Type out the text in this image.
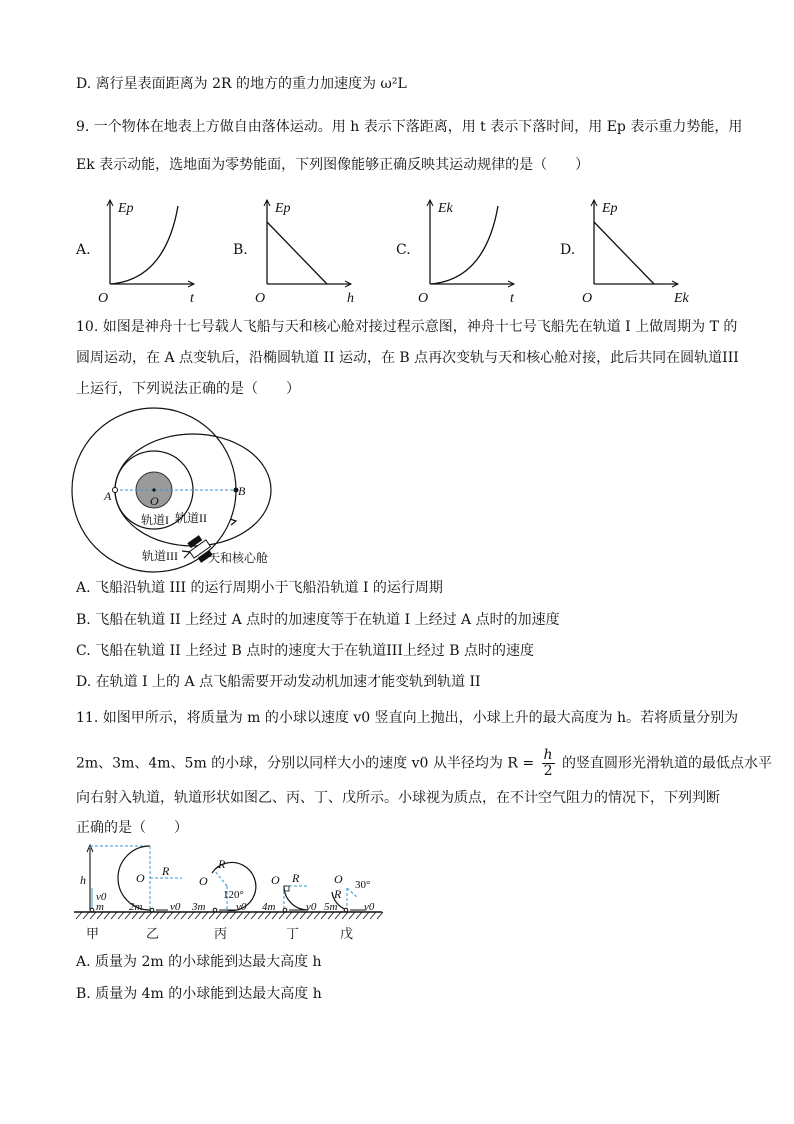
D. 离行星表面距离为 2R 的地方的重力加速度为 ω²L
9. 一个物体在地表上方做自由落体运动。用 h 表示下落距离，用 t 表示下落时间，用 Ep 表示重力势能，用
Ek 表示动能，选地面为零势能面，下列图像能够正确反映其运动规律的是（　　）
A.
Ep
t
O
B.
Ep
h
O
C.
Ek
t
O
D.
Ep
Ek
O
10. 如图是神舟十七号载人飞船与天和核心舱对接过程示意图，神舟十七号飞船先在轨道 I 上做周期为 T 的
圆周运动，在 A 点变轨后，沿椭圆轨道 II 运动，在 B 点再次变轨与天和核心舱对接，此后共同在圆轨道III
上运行，下列说法正确的是（　　）
A	B
O
轨道I 轨道II
轨道III	天和核心舱
A. 飞船沿轨道 III 的运行周期小于飞船沿轨道 I 的运行周期
B. 飞船在轨道 II 上经过 A 点时的加速度等于在轨道 I 上经过 A 点时的加速度
C. 飞船在轨道 II 上经过 B 点时的速度大于在轨道III上经过 B 点时的速度
D. 在轨道 I 上的 A 点飞船需要开动发动机加速才能变轨到轨道 II
11. 如图甲所示，将质量为 m 的小球以速度 v0 竖直向上抛出，小球上升的最大高度为 h。若将质量分别为
2m、3m、4m、5m 的小球，分别以同样大小的速度 v0 从半径均为 $R = \frac{h}{2}$ 的竖直圆形光滑轨道的最低点水平
向右射入轨道，轨道形状如图乙、丙、丁、戊所示。小球视为质点，在不计空气阻力的情况下，下列判断
正确的是（　　）
h
v0
m
O R
2m	v0
O
R
120°
3m	v0
O R
4m	v0
O
R
30°
5m v0
甲	乙	丙	丁	戊
A. 质量为 2m 的小球能到达最大高度 h
B. 质量为 4m 的小球能到达最大高度 h
